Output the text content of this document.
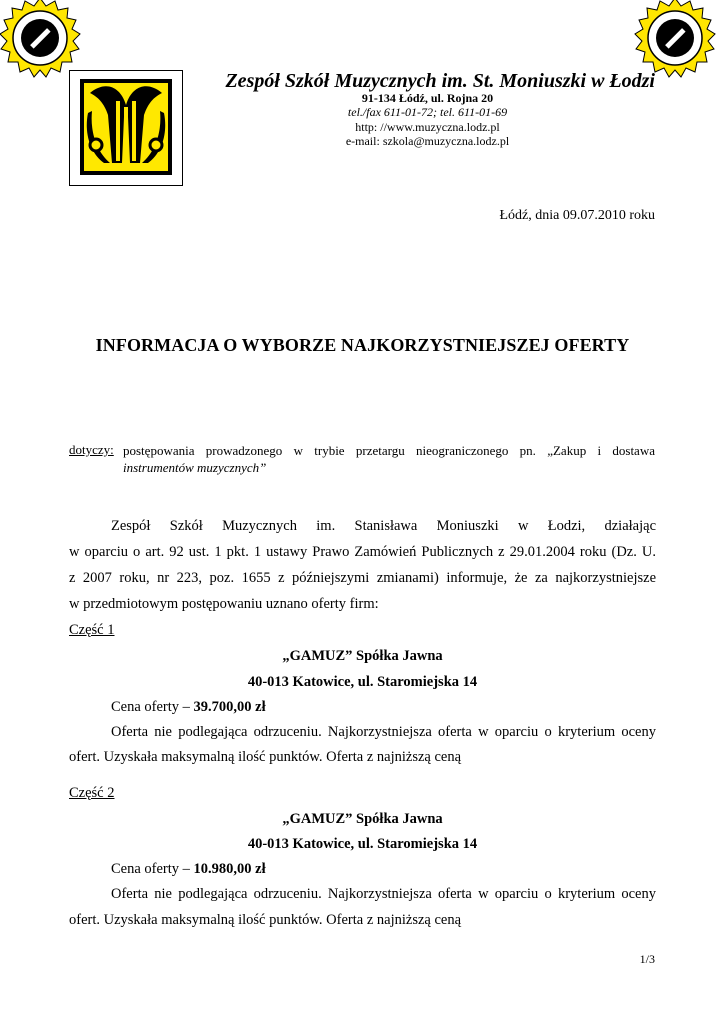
Zespół Szkół Muzycznych im. St. Moniuszki w Łodzi
91-134 Łódź, ul. Rojna 20
tel./fax 611-01-72; tel. 611-01-69
http: //www.muzyczna.lodz.pl
e-mail: szkola@muzyczna.lodz.pl
Łódź, dnia 09.07.2010 roku
INFORMACJA O WYBORZE NAJKORZYSTNIEJSZEJ OFERTY
dotyczy: postępowania prowadzonego w trybie przetargu nieograniczonego pn. „Zakup i dostawa
instrumentów muzycznych”
Zespół Szkół Muzycznych im. Stanisława Moniuszki w Łodzi, działając
w oparciu o art. 92 ust. 1 pkt. 1 ustawy Prawo Zamówień Publicznych z 29.01.2004 roku (Dz. U.
z 2007 roku, nr 223, poz. 1655 z późniejszymi zmianami) informuje, że za najkorzystniejsze
w przedmiotowym postępowaniu uznano oferty firm:
Część 1
„GAMUZ” Spółka Jawna
40-013 Katowice, ul. Staromiejska 14
Cena oferty – 39.700,00 zł
Oferta nie podlegająca odrzuceniu. Najkorzystniejsza oferta w oparciu o kryterium oceny
ofert. Uzyskała maksymalną ilość punktów. Oferta z najniższą ceną
Część 2
„GAMUZ” Spółka Jawna
40-013 Katowice, ul. Staromiejska 14
Cena oferty – 10.980,00 zł
Oferta nie podlegająca odrzuceniu. Najkorzystniejsza oferta w oparciu o kryterium oceny
ofert. Uzyskała maksymalną ilość punktów. Oferta z najniższą ceną
1/3
